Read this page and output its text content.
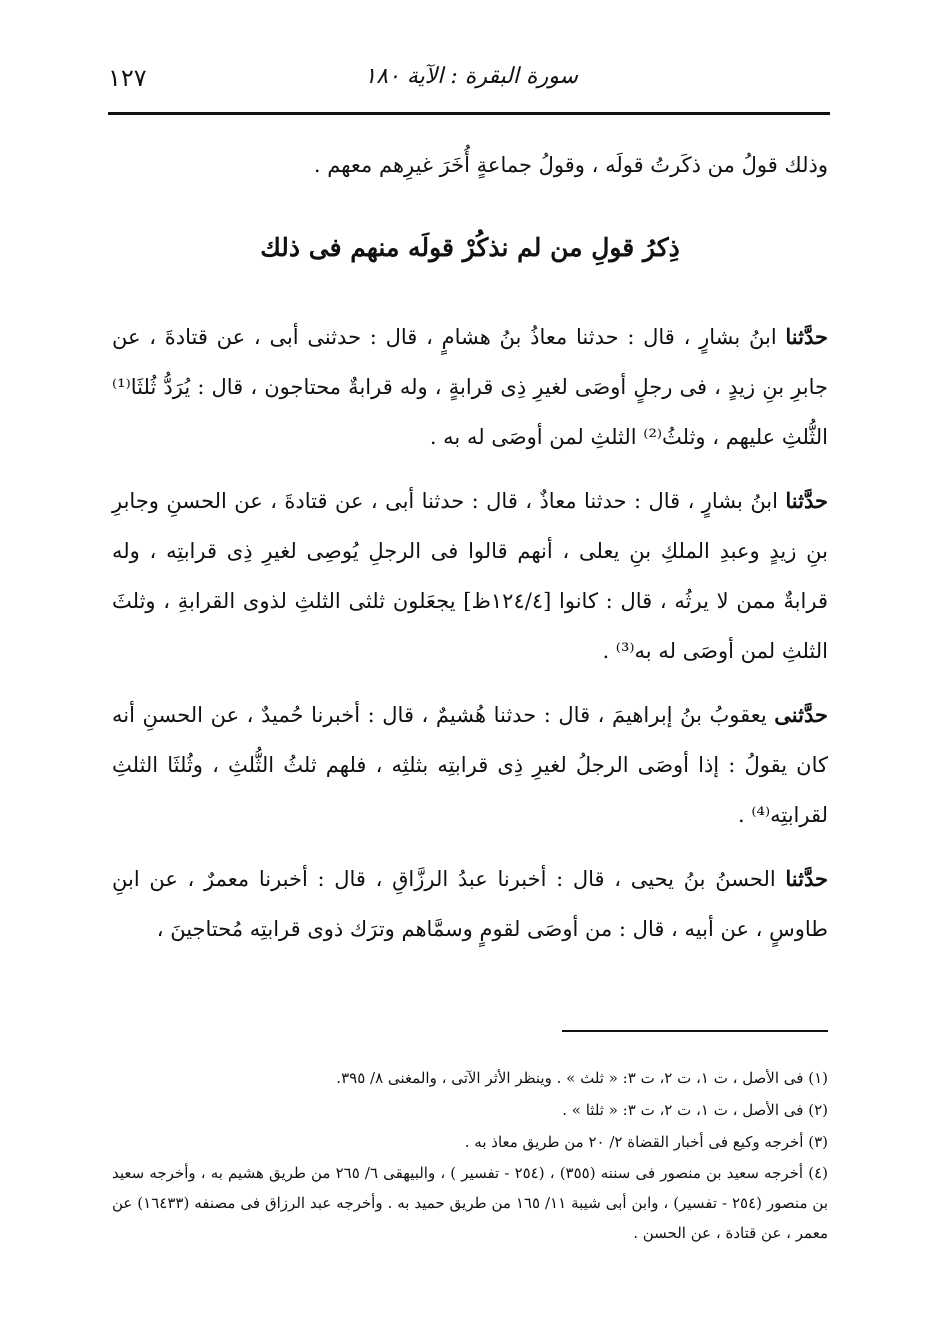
سورة البقرة : الآية ١٨٠
١٢٧

وذلك قولُ من ذكَرتُ قولَه ، وقولُ جماعةٍ أُخَرَ غيرِهم معهم .

ذِكرُ قولِ من لم نذكُرْ قولَه منهم فى ذلك

حدَّثنا ابنُ بشارٍ ، قال : حدثنا معاذُ بنُ هشامٍ ، قال : حدثنى أبى ، عن قتادةَ ، عن جابرِ بنِ زيدٍ ، فى رجلٍ أوصَى لغيرِ ذِى قرابةٍ ، وله قرابةٌ محتاجون ، قال : يُرَدُّ ثُلثَا⁽¹⁾ الثُّلثِ عليهم ، وثلثُ⁽²⁾ الثلثِ لمن أوصَى له به .

حدَّثنا ابنُ بشارٍ ، قال : حدثنا معاذٌ ، قال : حدثنا أبى ، عن قتادةَ ، عن الحسنِ وجابرِ بنِ زيدٍ وعبدِ الملكِ بنِ يعلى ، أنهم قالوا فى الرجلِ يُوصِى لغيرِ ذِى قرابتِه ، وله قرابةٌ ممن لا يرثُه ، قال : كانوا [١٢٤/٤ظ] يجعَلون ثلثى الثلثِ لذوى القرابةِ ، وثلثَ الثلثِ لمن أوصَى له به⁽³⁾ .

حدَّثنى يعقوبُ بنُ إبراهيمَ ، قال : حدثنا هُشيمٌ ، قال : أخبرنا حُميدٌ ، عن الحسنِ أنه كان يقولُ : إذا أوصَى الرجلُ لغيرِ ذِى قرابتِه بثلثِه ، فلهم ثلثُ الثُّلثِ ، وثُلثَا الثلثِ لقرابتِه⁽⁴⁾ .

حدَّثنا الحسنُ بنُ يحيى ، قال : أخبرنا عبدُ الرزَّاقِ ، قال : أخبرنا معمرٌ ، عن ابنِ طاوسٍ ، عن أبيه ، قال : من أوصَى لقومٍ وسمَّاهم وترَك ذوى قرابتِه مُحتاجينَ ،

(١) فى الأصل ، ت ١، ت ٢، ت ٣: « ثلث » . وينظر الأثر الآتى ، والمغنى ٨/ ٣٩٥.

(٢) فى الأصل ، ت ١، ت ٢، ت ٣: « ثلثا » .

(٣) أخرجه وكيع فى أخبار القضاة ٢/ ٢٠ من طريق معاذ به .

(٤) أخرجه سعيد بن منصور فى سننه (٣٥٥) ، (٢٥٤ - تفسير ) ، والبيهقى ٦/ ٢٦٥ من طريق هشيم به ، وأخرجه سعيد بن منصور (٢٥٤ - تفسير) ، وابن أبى شيبة ١١/ ١٦٥ من طريق حميد به . وأخرجه عبد الرزاق فى مصنفه (١٦٤٣٣) عن معمر ، عن قتادة ، عن الحسن .
